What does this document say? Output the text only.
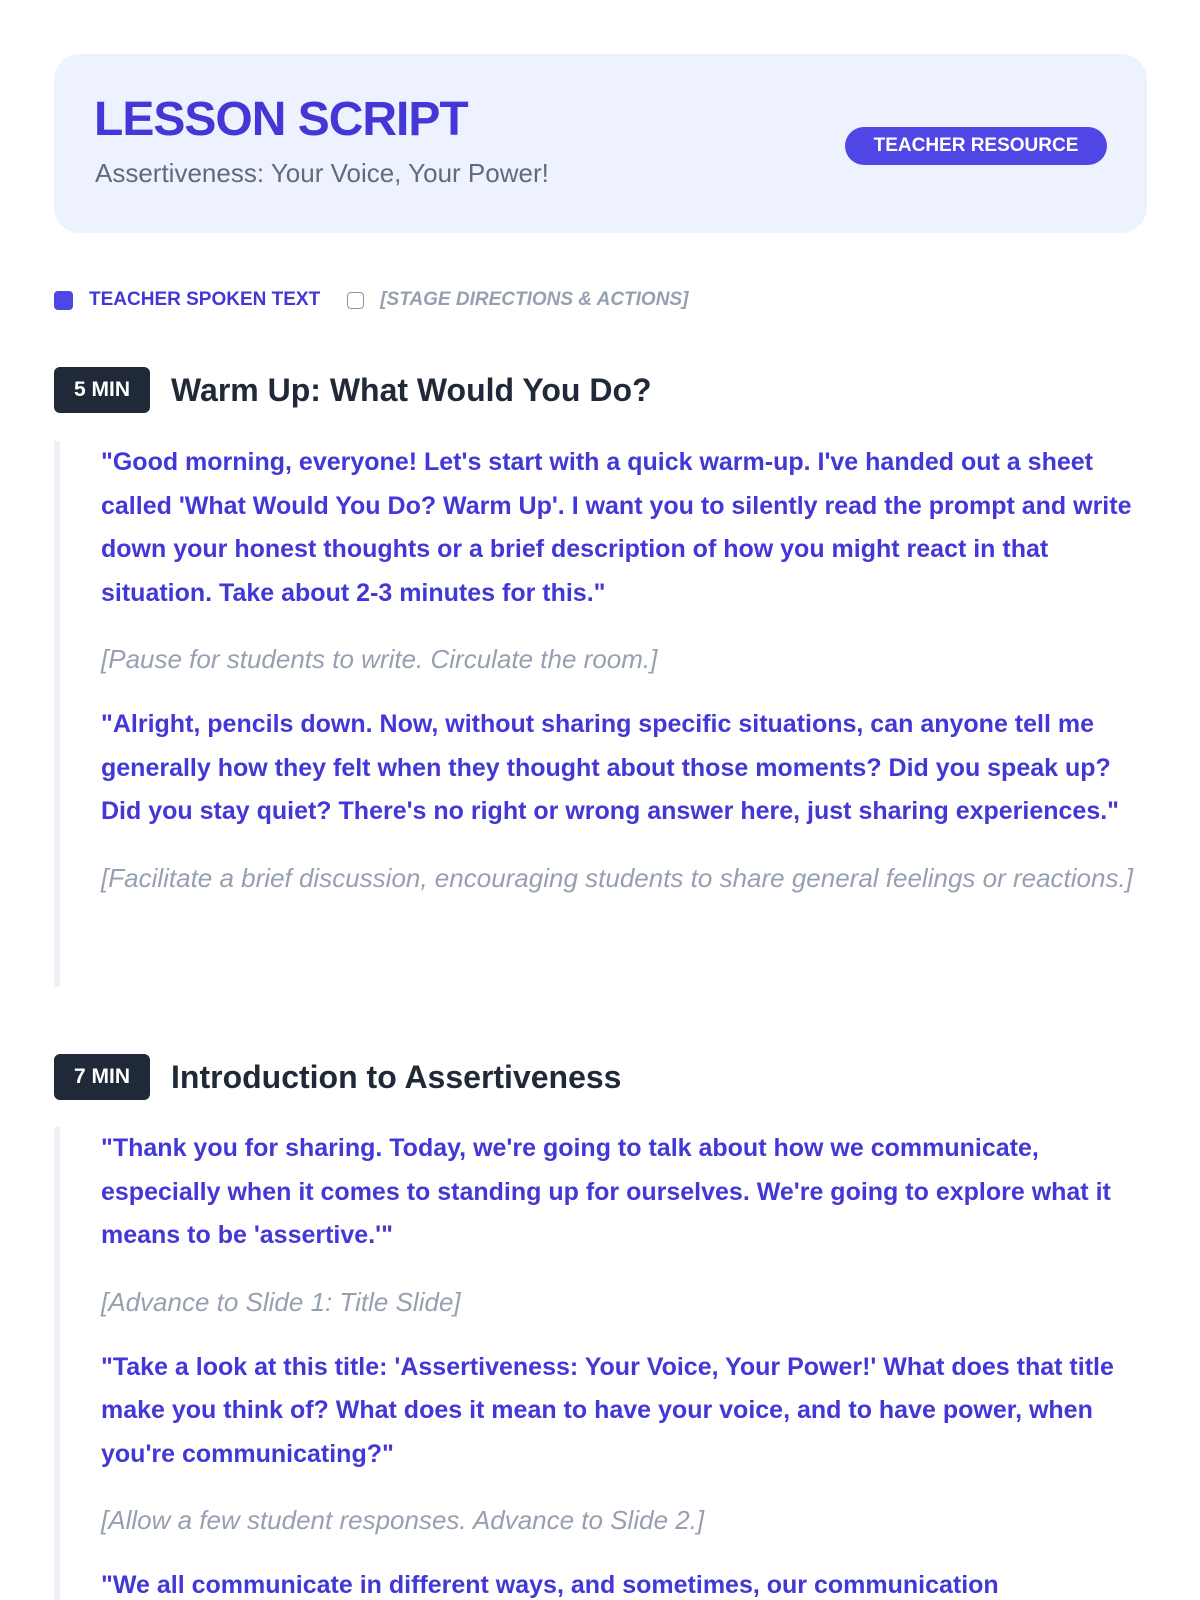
LESSON SCRIPT
Assertiveness: Your Voice, Your Power!
TEACHER RESOURCE
TEACHER SPOKEN TEXT	[STAGE DIRECTIONS & ACTIONS]
5 MIN	Warm Up: What Would You Do?

"Good morning, everyone! Let's start with a quick warm-up. I've handed out a sheet called 'What Would You Do? Warm Up'. I want you to silently read the prompt and write down your honest thoughts or a brief description of how you might react in that situation. Take about 2-3 minutes for this."

[Pause for students to write. Circulate the room.]

"Alright, pencils down. Now, without sharing specific situations, can anyone tell me generally how they felt when they thought about those moments? Did you speak up? Did you stay quiet? There's no right or wrong answer here, just sharing experiences."

[Facilitate a brief discussion, encouraging students to share general feelings or reactions.]

7 MIN	Introduction to Assertiveness

"Thank you for sharing. Today, we're going to talk about how we communicate, especially when it comes to standing up for ourselves. We're going to explore what it means to be 'assertive.'"

[Advance to Slide 1: Title Slide]

"Take a look at this title: 'Assertiveness: Your Voice, Your Power!' What does that title make you think of? What does it mean to have your voice, and to have power, when you're communicating?"

[Allow a few student responses. Advance to Slide 2.]

"We all communicate in different ways, and sometimes, our communication
